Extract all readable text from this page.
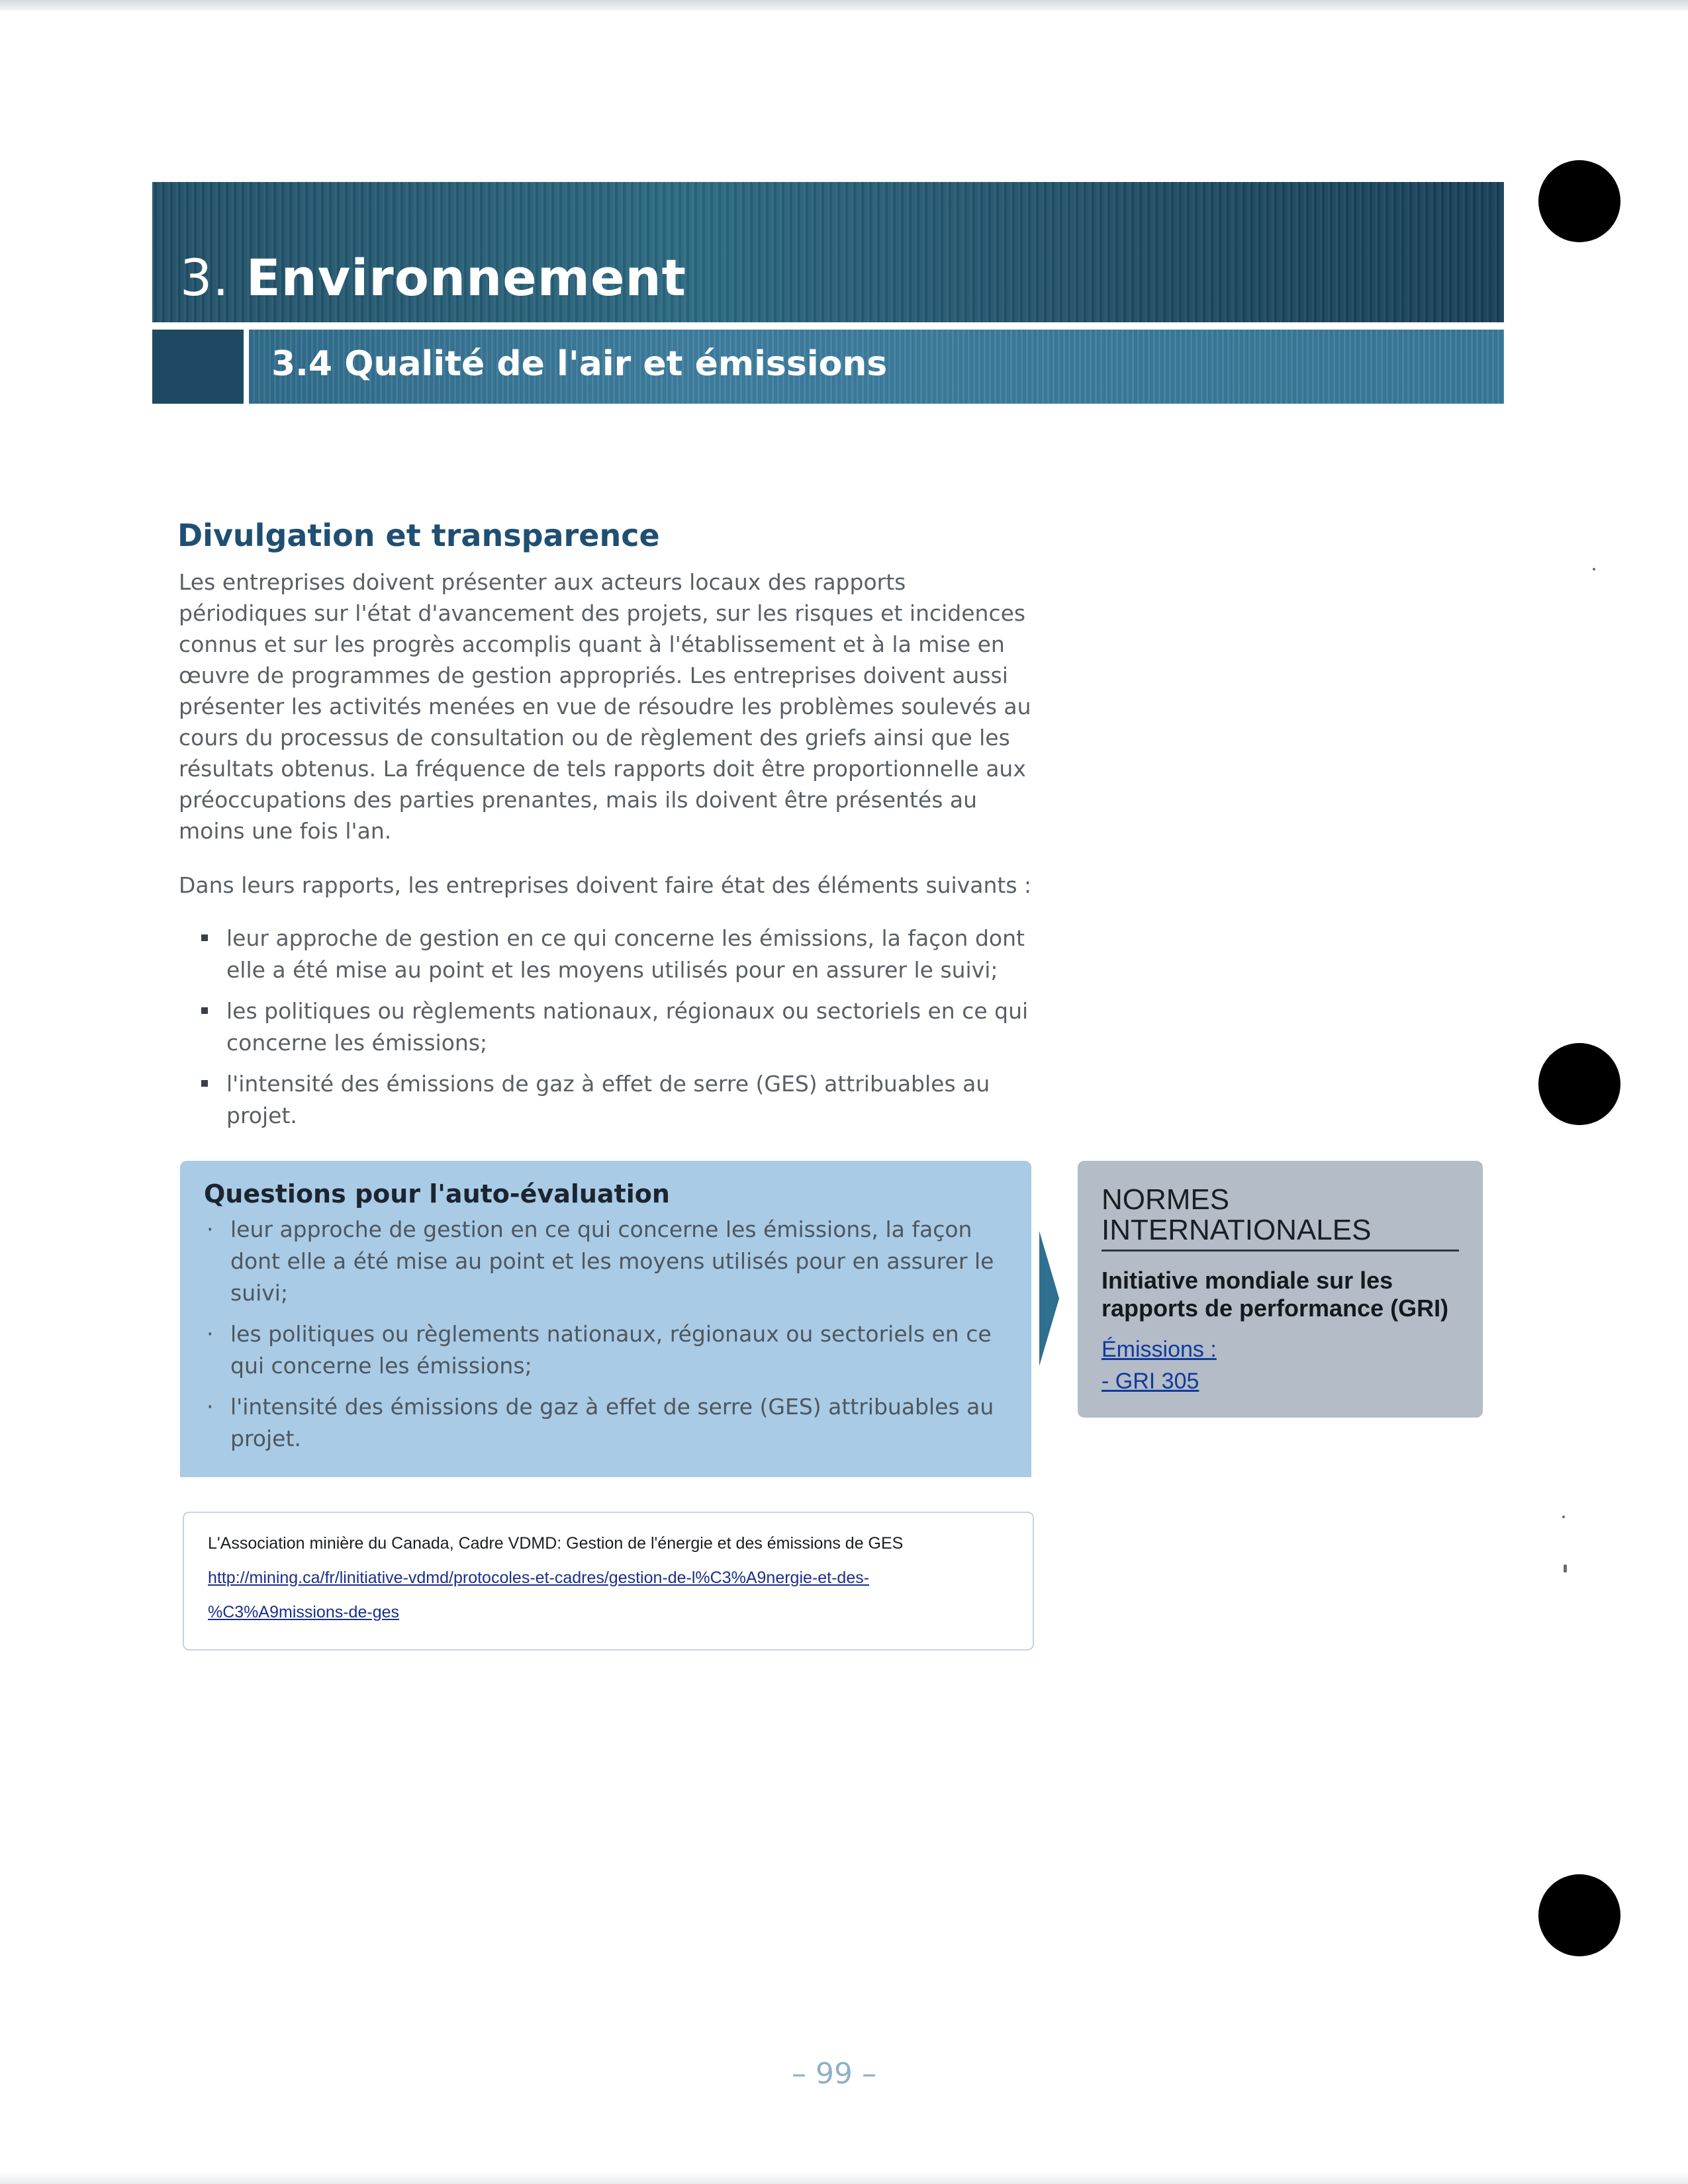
3. Environnement
3.4 Qualité de l'air et émissions
Divulgation et transparence

Les entreprises doivent présenter aux acteurs locaux des rapports périodiques sur l'état d'avancement des projets, sur les risques et incidences connus et sur les progrès accomplis quant à l'établissement et à la mise en œuvre de programmes de gestion appropriés. Les entreprises doivent aussi présenter les activités menées en vue de résoudre les problèmes soulevés au cours du processus de consultation ou de règlement des griefs ainsi que les résultats obtenus. La fréquence de tels rapports doit être proportionnelle aux préoccupations des parties prenantes, mais ils doivent être présentés au moins une fois l'an.

Dans leurs rapports, les entreprises doivent faire état des éléments suivants :

leur approche de gestion en ce qui concerne les émissions, la façon dont elle a été mise au point et les moyens utilisés pour en assurer le suivi;
les politiques ou règlements nationaux, régionaux ou sectoriels en ce qui concerne les émissions;
l'intensité des émissions de gaz à effet de serre (GES) attribuables au projet.
Questions pour l'auto-évaluation
· leur approche de gestion en ce qui concerne les émissions, la façon dont elle a été mise au point et les moyens utilisés pour en assurer le suivi;
· les politiques ou règlements nationaux, régionaux ou sectoriels en ce qui concerne les émissions;
· l'intensité des émissions de gaz à effet de serre (GES) attribuables au projet.
NORMES INTERNATIONALES
Initiative mondiale sur les rapports de performance (GRI)
Émissions :
- GRI 305
L'Association minière du Canada, Cadre VDMD: Gestion de l'énergie et des émissions de GES
http://mining.ca/fr/linitiative-vdmd/protocoles-et-cadres/gestion-de-l%C3%A9nergie-et-des-
%C3%A9missions-de-ges
– 99 –
